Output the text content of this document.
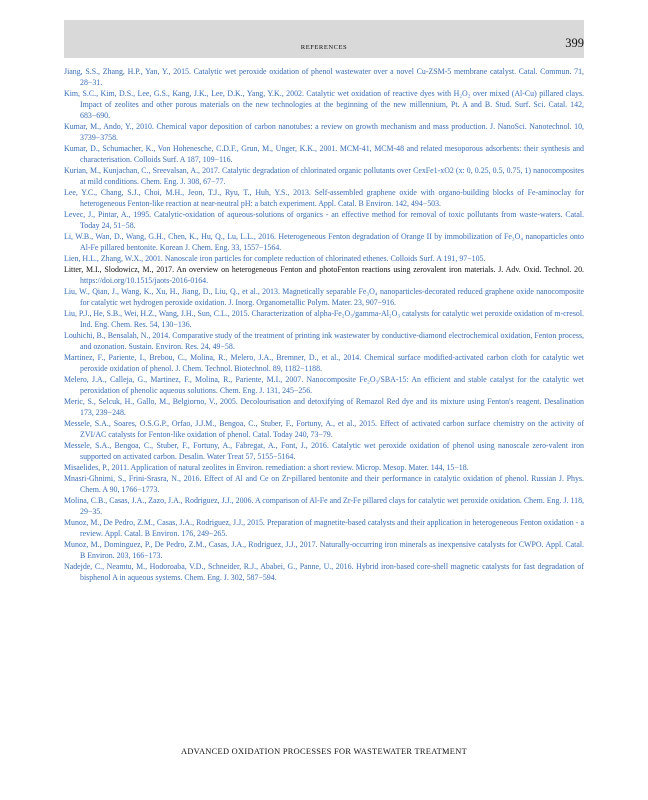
REFERENCES	399
Jiang, S.S., Zhang, H.P., Yan, Y., 2015. Catalytic wet peroxide oxidation of phenol wastewater over a novel Cu-ZSM-5 membrane catalyst. Catal. Commun. 71, 28−31.
Kim, S.C., Kim, D.S., Lee, G.S., Kang, J.K., Lee, D.K., Yang, Y.K., 2002. Catalytic wet oxidation of reactive dyes with H₂O₂ over mixed (Al-Cu) pillared clays. Impact of zeolites and other porous materials on the new technologies at the beginning of the new millennium, Pt. A and B. Stud. Surf. Sci. Catal. 142, 683−690.
Kumar, M., Ando, Y., 2010. Chemical vapor deposition of carbon nanotubes: a review on growth mechanism and mass production. J. NanoSci. Nanotechnol. 10, 3739−3758.
Kumar, D., Schumacher, K., Von Hohenesche, C.D.F., Grun, M., Unger, K.K., 2001. MCM-41, MCM-48 and related mesoporous adsorbents: their synthesis and characterisation. Colloids Surf. A 187, 109−116.
Kurian, M., Kunjachan, C., Sreevalsan, A., 2017. Catalytic degradation of chlorinated organic pollutants over CexFe1-xO2 (x: 0, 0.25, 0.5, 0.75, 1) nanocomposites at mild conditions. Chem. Eng. J. 308, 67−77.
Lee, Y.C., Chang, S.J., Choi, M.H., Jeon, T.J., Ryu, T., Huh, Y.S., 2013. Self-assembled graphene oxide with organo-building blocks of Fe-aminoclay for heterogeneous Fenton-like reaction at near-neutral pH: a batch experiment. Appl. Catal. B Environ. 142, 494−503.
Levec, J., Pintar, A., 1995. Catalytic-oxidation of aqueous-solutions of organics - an effective method for removal of toxic pollutants from waste-waters. Catal. Today 24, 51−58.
Li, W.B., Wan, D., Wang, G.H., Chen, K., Hu, Q., Lu, L.L., 2016. Heterogeneous Fenton degradation of Orange II by immobilization of Fe₃O₄ nanoparticles onto Al-Fe pillared bentonite. Korean J. Chem. Eng. 33, 1557−1564.
Lien, H.L., Zhang, W.X., 2001. Nanoscale iron particles for complete reduction of chlorinated ethenes. Colloids Surf. A 191, 97−105.
Litter, M.I., Slodowicz, M., 2017. An overview on heterogeneous Fenton and photoFenton reactions using zerovalent iron materials. J. Adv. Oxid. Technol. 20. https://doi.org/10.1515/jaots-2016-0164.
Liu, W., Qian, J., Wang, K., Xu, H., Jiang, D., Liu, Q., et al., 2013. Magnetically separable Fe₃O₄ nanoparticles-decorated reduced graphene oxide nanocomposite for catalytic wet hydrogen peroxide oxidation. J. Inorg. Organometallic Polym. Mater. 23, 907−916.
Liu, P.J., He, S.B., Wei, H.Z., Wang, J.H., Sun, C.L., 2015. Characterization of alpha-Fe₂O₃/gamma-Al₂O₃ catalysts for catalytic wet peroxide oxidation of m-cresol. Ind. Eng. Chem. Res. 54, 130−136.
Louhichi, B., Bensalah, N., 2014. Comparative study of the treatment of printing ink wastewater by conductive-diamond electrochemical oxidation, Fenton process, and ozonation. Sustain. Environ. Res. 24, 49−58.
Martinez, F., Pariente, I., Brebou, C., Molina, R., Melero, J.A., Bremner, D., et al., 2014. Chemical surface modified-activated carbon cloth for catalytic wet peroxide oxidation of phenol. J. Chem. Technol. Biotechnol. 89, 1182−1188.
Melero, J.A., Calleja, G., Martinez, F., Molina, R., Pariente, M.I., 2007. Nanocomposite Fe₂O₃/SBA-15: An efficient and stable catalyst for the catalytic wet peroxidation of phenolic aqueous solutions. Chem. Eng. J. 131, 245−256.
Meric, S., Selcuk, H., Gallo, M., Belgiorno, V., 2005. Decolourisation and detoxifying of Remazol Red dye and its mixture using Fenton's reagent. Desalination 173, 239−248.
Messele, S.A., Soares, O.S.G.P., Orfao, J.J.M., Bengoa, C., Stuber, F., Fortuny, A., et al., 2015. Effect of activated carbon surface chemistry on the activity of ZVI/AC catalysts for Fenton-like oxidation of phenol. Catal. Today 240, 73−79.
Messele, S.A., Bengoa, C., Stuber, F., Fortuny, A., Fabregat, A., Font, J., 2016. Catalytic wet peroxide oxidation of phenol using nanoscale zero-valent iron supported on activated carbon. Desalin. Water Treat 57, 5155−5164.
Misaelides, P., 2011. Application of natural zeolites in Environ. remediation: a short review. Microp. Mesop. Mater. 144, 15−18.
Mnasri-Ghnimi, S., Frini-Srasra, N., 2016. Effect of Al and Ce on Zr-pillared bentonite and their performance in catalytic oxidation of phenol. Russian J. Phys. Chem. A 90, 1766−1773.
Molina, C.B., Casas, J.A., Zazo, J.A., Rodriguez, J.J., 2006. A comparison of Al-Fe and Zr-Fe pillared clays for catalytic wet peroxide oxidation. Chem. Eng. J. 118, 29−35.
Munoz, M., De Pedro, Z.M., Casas, J.A., Rodriguez, J.J., 2015. Preparation of magnetite-based catalysts and their application in heterogeneous Fenton oxidation - a review. Appl. Catal. B Environ. 176, 249−265.
Munoz, M., Dominguez, P., De Pedro, Z.M., Casas, J.A., Rodriguez, J.J., 2017. Naturally-occurring iron minerals as inexpensive catalysts for CWPO. Appl. Catal. B Environ. 203, 166−173.
Nadejde, C., Neamtu, M., Hodoroaba, V.D., Schneider, R.J., Ababei, G., Panne, U., 2016. Hybrid iron-based core-shell magnetic catalysts for fast degradation of bisphenol A in aqueous systems. Chem. Eng. J. 302, 587−594.
ADVANCED OXIDATION PROCESSES FOR WASTEWATER TREATMENT
